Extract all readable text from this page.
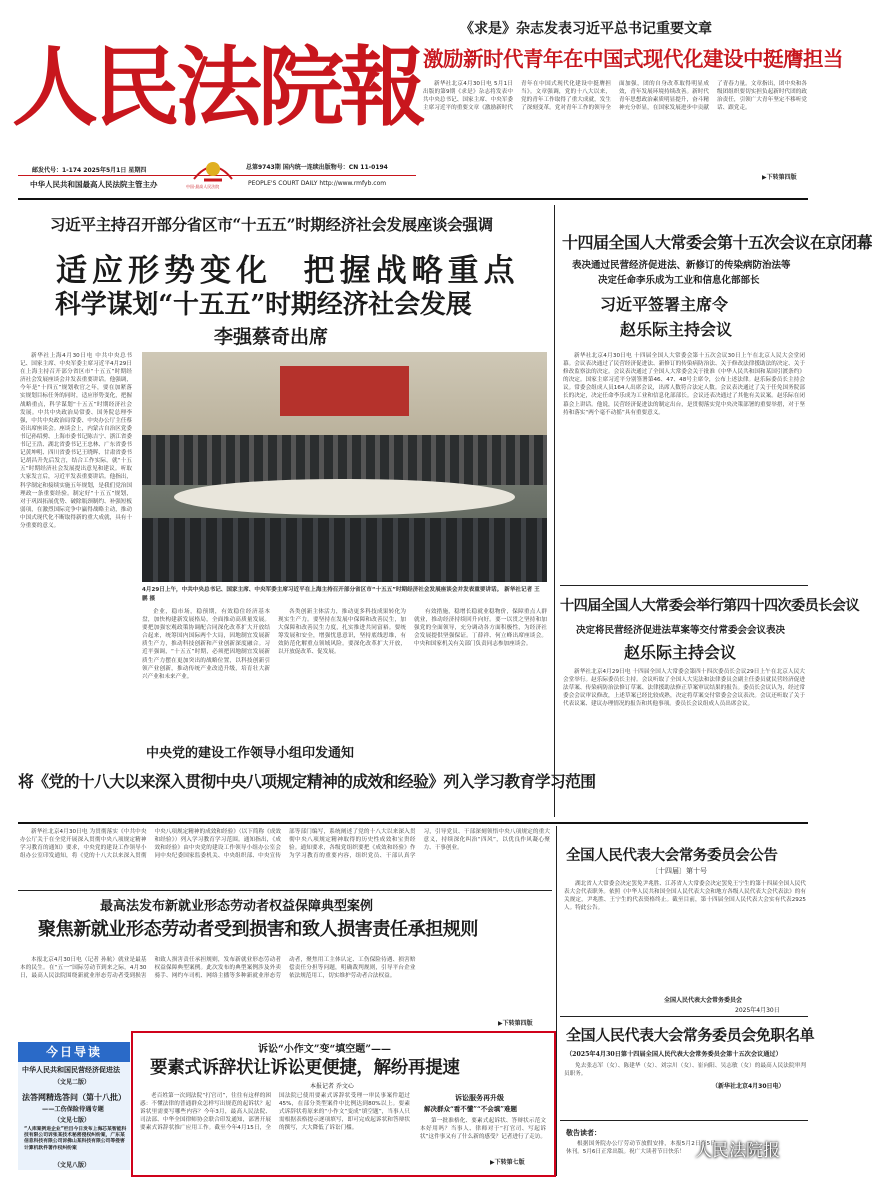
人民法院報
邮发代号：1-174 2025年5月1日 星期四	总第9743期 国内统一连续出版物号：CN 11-0194
中华人民共和国最高人民法院主管主办	PEOPLE'S COURT DAILY http://www.rmfyb.com
中国·最高人民法院
《求是》杂志发表习近平总书记重要文章
激励新时代青年在中国式现代化建设中挺膺担当

新华社北京4月30日电 5月1日出版的第9期《求是》杂志将发表中共中央总书记、国家主席、中央军委主席习近平的重要文章《激励新时代青年在中国式现代化建设中挺膺担当》。文章强调，党的十八大以来，党的青年工作取得了重大成就，发生了深刻变革。党对青年工作的领导全面加强，团的自身改革取得明显成效，青年发展环境持续改善。新时代青年思想政治素质明显提升，奋斗精神充分彰显，在国家发展进步中贡献了青春力量。文章指出，团中央和各级团组织要切实担负起新时代团的政治责任，引领广大青年坚定不移听党话、跟党走。

▶下转第四版
习近平主持召开部分省区市“十五五”时期经济社会发展座谈会强调
适应形势变化  把握战略重点
科学谋划“十五五”时期经济社会发展
李强蔡奇出席

新华社上海4月30日电 中共中央总书记、国家主席、中央军委主席习近平4月29日在上海主持召开部分省区市“十五五”时期经济社会发展座谈会并发表重要讲话。他强调，今年是“十四五”规划收官之年，要在加紧落实规划目标任务的同时，适应形势变化，把握战略重点，科学谋划“十五五”时期经济社会发展。中共中央政治局常委、国务院总理李强，中共中央政治局常委、中央办公厅主任蔡奇出席座谈会。座谈会上，内蒙古自治区党委书记孙绍骋、上海市委书记陈吉宁、浙江省委书记王浩、湖北省委书记王忠林、广东省委书记黄坤明、四川省委书记王晓晖、甘肃省委书记胡昌升先后发言，结合工作实际，就“十五五”时期经济社会发展提出意见和建议。听取大家发言后，习近平发表重要讲话。他指出，科学制定和接续实施五年规划，是我们党治国理政一条重要经验。制定好“十五五”规划，对于巩固拓展优势、破除瓶颈制约、补强短板弱项，在激烈国际竞争中赢得战略主动，推动中国式现代化不断取得新的重大成就，具有十分重要的意义。

4月29日上午，中共中央总书记、国家主席、中央军委主席习近平在上海主持召开部分省区市“十五五”时期经济社会发展座谈会并发表重要讲话。 新华社记者 王 鹏 摄

企业，稳市场，稳预期，有效稳住经济基本盘，加快构建新发展格局，全面推动高质量发展。要把加强宏观政策协调配合同深化改革扩大开放结合起来，统筹国内国际两个大局，因地制宜发展新质生产力，推动科技创新和产业创新深度融合。习近平强调，“十五五”时期，必须把因地制宜发展新质生产力摆在更加突出的战略位置，以科技创新引领产业创新，推动传统产业改造升级，培育壮大新兴产业和未来产业。

各类创新主体活力，推动更多科技成果转化为现实生产力。要坚持在发展中保障和改善民生，加大保障和改善民生力度，扎实推进共同富裕。要统筹发展和安全，增强忧患意识，坚持底线思维，有效防范化解重点领域风险。要深化改革扩大开放，以开放促改革、促发展。

有效措施，稳增长稳就业稳物价，保障重点人群就业，推动经济持续回升向好。要一以贯之坚持和加强党的全面领导，充分调动各方面积极性，为经济社会发展提供坚强保证。丁薛祥、何立峰出席座谈会。中央和国家机关有关部门负责同志参加座谈会。

十四届全国人大常委会第十五次会议在京闭幕
表决通过民营经济促进法、新修订的传染病防治法等
决定任命李乐成为工业和信息化部部长
习近平签署主席令
赵乐际主持会议

新华社北京4月30日电 十四届全国人大常委会第十五次会议30日上午在北京人民大会堂闭幕。会议表决通过了民营经济促进法、新修订的传染病防治法、关于修改法律援助法的决定、关于修改监察法的决定。会议表决通过了全国人大常委会关于批准《中华人民共和国和某国引渡条约》的决定。国家主席习近平分别签署第46、47、48号主席令，公布上述法律。赵乐际委员长主持会议。常委会组成人员164人出席会议，出席人数符合法定人数。会议表决通过了关于任免国务院部长的决定，决定任命李乐成为工业和信息化部部长。会议还表决通过了其他有关议案。赵乐际在闭幕会上讲话。他说，民营经济促进法的制定出台，是贯彻落实党中央决策部署的重要举措，对于坚持和落实“两个毫不动摇”具有重要意义。

十四届全国人大常委会举行第四十四次委员长会议
决定将民营经济促进法草案等交付常委会会议表决
赵乐际主持会议

新华社北京4月29日电 十四届全国人大常委会第四十四次委员长会议29日上午在北京人民大会堂举行。赵乐际委员长主持。会议听取了全国人大宪法和法律委员会副主任委员就民营经济促进法草案、传染病防治法修订草案、法律援助法修正草案审议结果的报告。委员长会议认为，经过常委会会议审议修改，上述草案已经比较成熟，决定将草案交付常委会会议表决。会议还听取了关于代表议案、建议办理情况的报告和其他事项。委员长会议组成人员出席会议。

中央党的建设工作领导小组印发通知
将《党的十八大以来深入贯彻中央八项规定精神的成效和经验》列入学习教育学习范围

新华社北京4月30日电 为贯彻落实《中共中央办公厅关于在全党开展深入贯彻中央八项规定精神学习教育的通知》要求，中央党的建设工作领导小组办公室印发通知，将《党的十八大以来深入贯彻中央八项规定精神的成效和经验》（以下简称《成效和经验》）列入学习教育学习范围。通知指出，《成效和经验》由中央党的建设工作领导小组办公室会同中央纪委国家监委机关、中央组织部、中央宣传部等部门编写，系统阐述了党的十八大以来深入贯彻中央八项规定精神取得的历史性成效和宝贵经验。通知要求，各级党组织要把《成效和经验》作为学习教育的重要内容，组织党员、干部认真学习，引导党员、干部深刻领悟中央八项规定的重大意义，持续深化纠治“四风”，以优良作风凝心聚力、干事创业。

最高法发布新就业形态劳动者权益保障典型案例
聚焦新就业形态劳动者受到损害和致人损害责任承担规则

本报北京4月30日电（记者 孙航）就业是最基本的民生。在“五一”国际劳动节到来之际，4月30日，最高人民法院围绕新就业形态劳动者受到损害和致人损害责任承担规则，发布新就业形态劳动者权益保障典型案例。此次发布的典型案例涉及外卖骑手、网约车司机、网络主播等多种新就业形态劳动者，聚焦用工主体认定、工伤保险待遇、损害赔偿责任分担等问题，明确裁判规则，引导平台企业依法规范用工，切实维护劳动者合法权益。

▶下转第四版
今日导读
中华人民共和国民营经济促进法
（文见二版）
法答网精选答问（第十八批）
——工伤保险待遇专题
（文见七版）
“人库案例进企业”栏目今日发布上海芯某智能科技有限公司诉张某技术秘密侵权纠纷案，广东某信息科技有限公司诉佛山某科技有限公司等侵害计算机软件著作权纠纷案
（文见八版）
诉讼“小作文”变“填空题”——
要素式诉辞状让诉讼更便捷，解纷再提速
本报记者 乔文心

老百姓第一次到法院“打官司”，往往有这样的困惑：不懂法律的普通群众怎样写出规范的起诉状？起诉状里需要写哪些内容？今年3月，最高人民法院、司法部、中华全国律师协会联合印发通知，部署开展要素式诉辞状推广应用工作。截至今年4月15日，全国法院已使用要素式诉辞状受理一审民事案件超过45%，在部分类型案件中比例达到80%以上。要素式诉辞状将原来的“小作文”变成“填空题”，当事人只需根据表格提示逐项填写，即可完成起诉状和答辩状的撰写，大大降低了诉讼门槛。

诉讼服务再升级
解决群众“看不懂”“不会填”难题

第一批准格化、要素式起诉状、答辩状示范文本好用吗？当事人、律师对于“打官司、写起诉状”这件事又有了什么新的感受？记者进行了走访。

▶下转第七版
全国人民代表大会常务委员会公告
〔十四届〕第十号

湖北省人大常委会决定罢免尹兆胜、江苏省人大常委会决定罢免王宁生的第十四届全国人民代表大会代表职务。依照《中华人民共和国全国人民代表大会和地方各级人民代表大会代表法》的有关规定，尹兆胜、王宁生的代表资格终止。截至目前，第十四届全国人民代表大会实有代表2925人。特此公告。

全国人民代表大会常务委员会
2025年4月30日
全国人民代表大会常务委员会免职名单
（2025年4月30日第十四届全国人民代表大会常务委员会第十五次会议通过）

免去张志军（女）、陈建华（女）、刘宗川（女）、崔向阳、吴志敏（女）的最高人民法院审判员职务。

（新华社北京4月30日电）
敬告读者：

根据国务院办公厅劳动节放假安排，本报5月2日至5日休刊。5月6日正常出版。祝广大读者节日快乐！ 人民法院报
